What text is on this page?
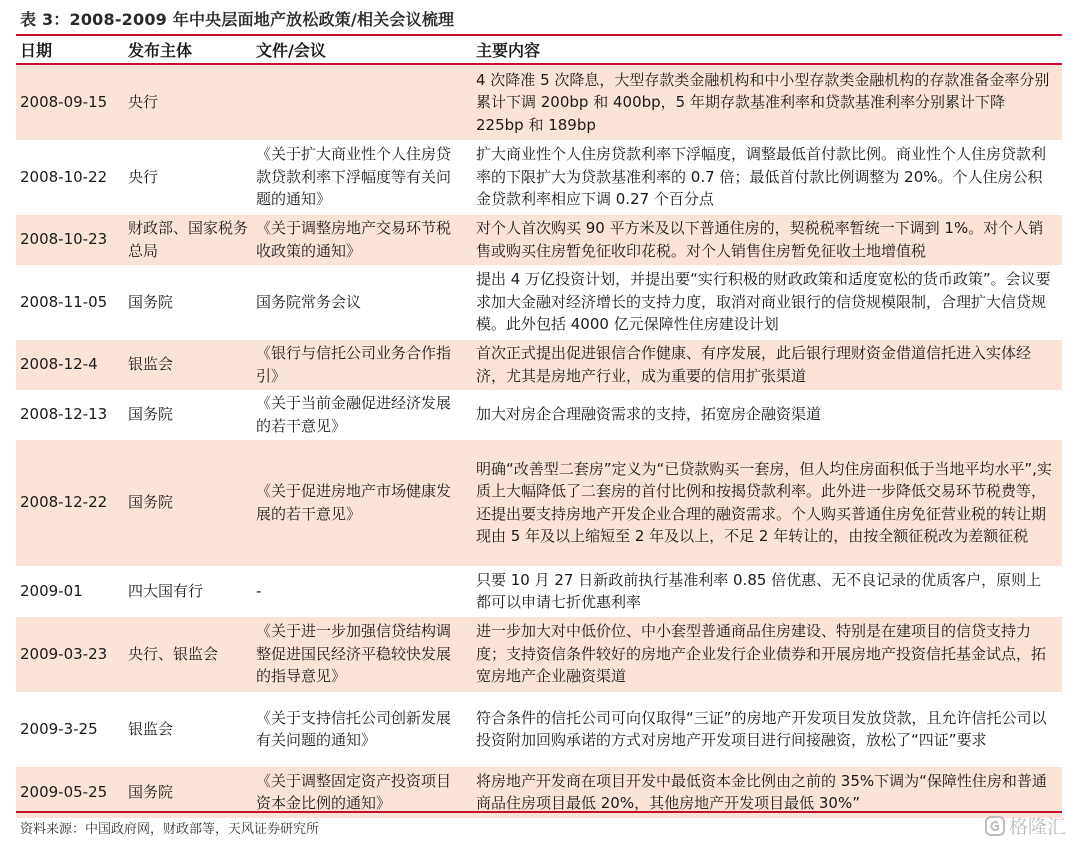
表 3：2008-2009 年中央层面地产放松政策/相关会议梳理
日期	发布主体	文件/会议	主要内容
2008-09-15	央行		4 次降准 5 次降息，大型存款类金融机构和中小型存款类金融机构的存款准备金率分别累计下调 200bp 和 400bp，5 年期存款基准利率和贷款基准利率分别累计下降 225bp 和 189bp
2008-10-22	央行	《关于扩大商业性个人住房贷款贷款利率下浮幅度等有关问题的通知》	扩大商业性个人住房贷款利率下浮幅度，调整最低首付款比例。商业性个人住房贷款利率的下限扩大为贷款基准利率的 0.7 倍；最低首付款比例调整为 20%。个人住房公积金贷款利率相应下调 0.27 个百分点
2008-10-23	财政部、国家税务总局	《关于调整房地产交易环节税收政策的通知》	对个人首次购买 90 平方米及以下普通住房的，契税税率暂统一下调到 1%。对个人销售或购买住房暂免征收印花税。对个人销售住房暂免征收土地增值税
2008-11-05	国务院	国务院常务会议	提出 4 万亿投资计划，并提出要“实行积极的财政政策和适度宽松的货币政策”。会议要求加大金融对经济增长的支持力度，取消对商业银行的信贷规模限制，合理扩大信贷规模。此外包括 4000 亿元保障性住房建设计划
2008-12-4	银监会	《银行与信托公司业务合作指引》	首次正式提出促进银信合作健康、有序发展，此后银行理财资金借道信托进入实体经济，尤其是房地产行业，成为重要的信用扩张渠道
2008-12-13	国务院	《关于当前金融促进经济发展的若干意见》	加大对房企合理融资需求的支持，拓宽房企融资渠道
2008-12-22	国务院	《关于促进房地产市场健康发展的若干意见》	明确“改善型二套房”定义为“已贷款购买一套房，但人均住房面积低于当地平均水平”,实质上大幅降低了二套房的首付比例和按揭贷款利率。此外进一步降低交易环节税费等，还提出要支持房地产开发企业合理的融资需求。个人购买普通住房免征营业税的转让期现由 5 年及以上缩短至 2 年及以上，不足 2 年转让的，由按全额征税改为差额征税
2009-01	四大国有行	-	只要 10 月 27 日新政前执行基准利率 0.85 倍优惠、无不良记录的优质客户，原则上都可以申请七折优惠利率
2009-03-23	央行、银监会	《关于进一步加强信贷结构调整促进国民经济平稳较快发展的指导意见》	进一步加大对中低价位、中小套型普通商品住房建设、特别是在建项目的信贷支持力度；支持资信条件较好的房地产企业发行企业债券和开展房地产投资信托基金试点，拓宽房地产企业融资渠道
2009-3-25	银监会	《关于支持信托公司创新发展有关问题的通知》	符合条件的信托公司可向仅取得“三证”的房地产开发项目发放贷款，且允许信托公司以投资附加回购承诺的方式对房地产开发项目进行间接融资，放松了“四证”要求
2009-05-25	国务院	《关于调整固定资产投资项目资本金比例的通知》	将房地产开发商在项目开发中最低资本金比例由之前的 35%下调为“保障性住房和普通商品住房项目最低 20%，其他房地产开发项目最低 30%”
资料来源：中国政府网，财政部等，天风证券研究所	格隆汇
